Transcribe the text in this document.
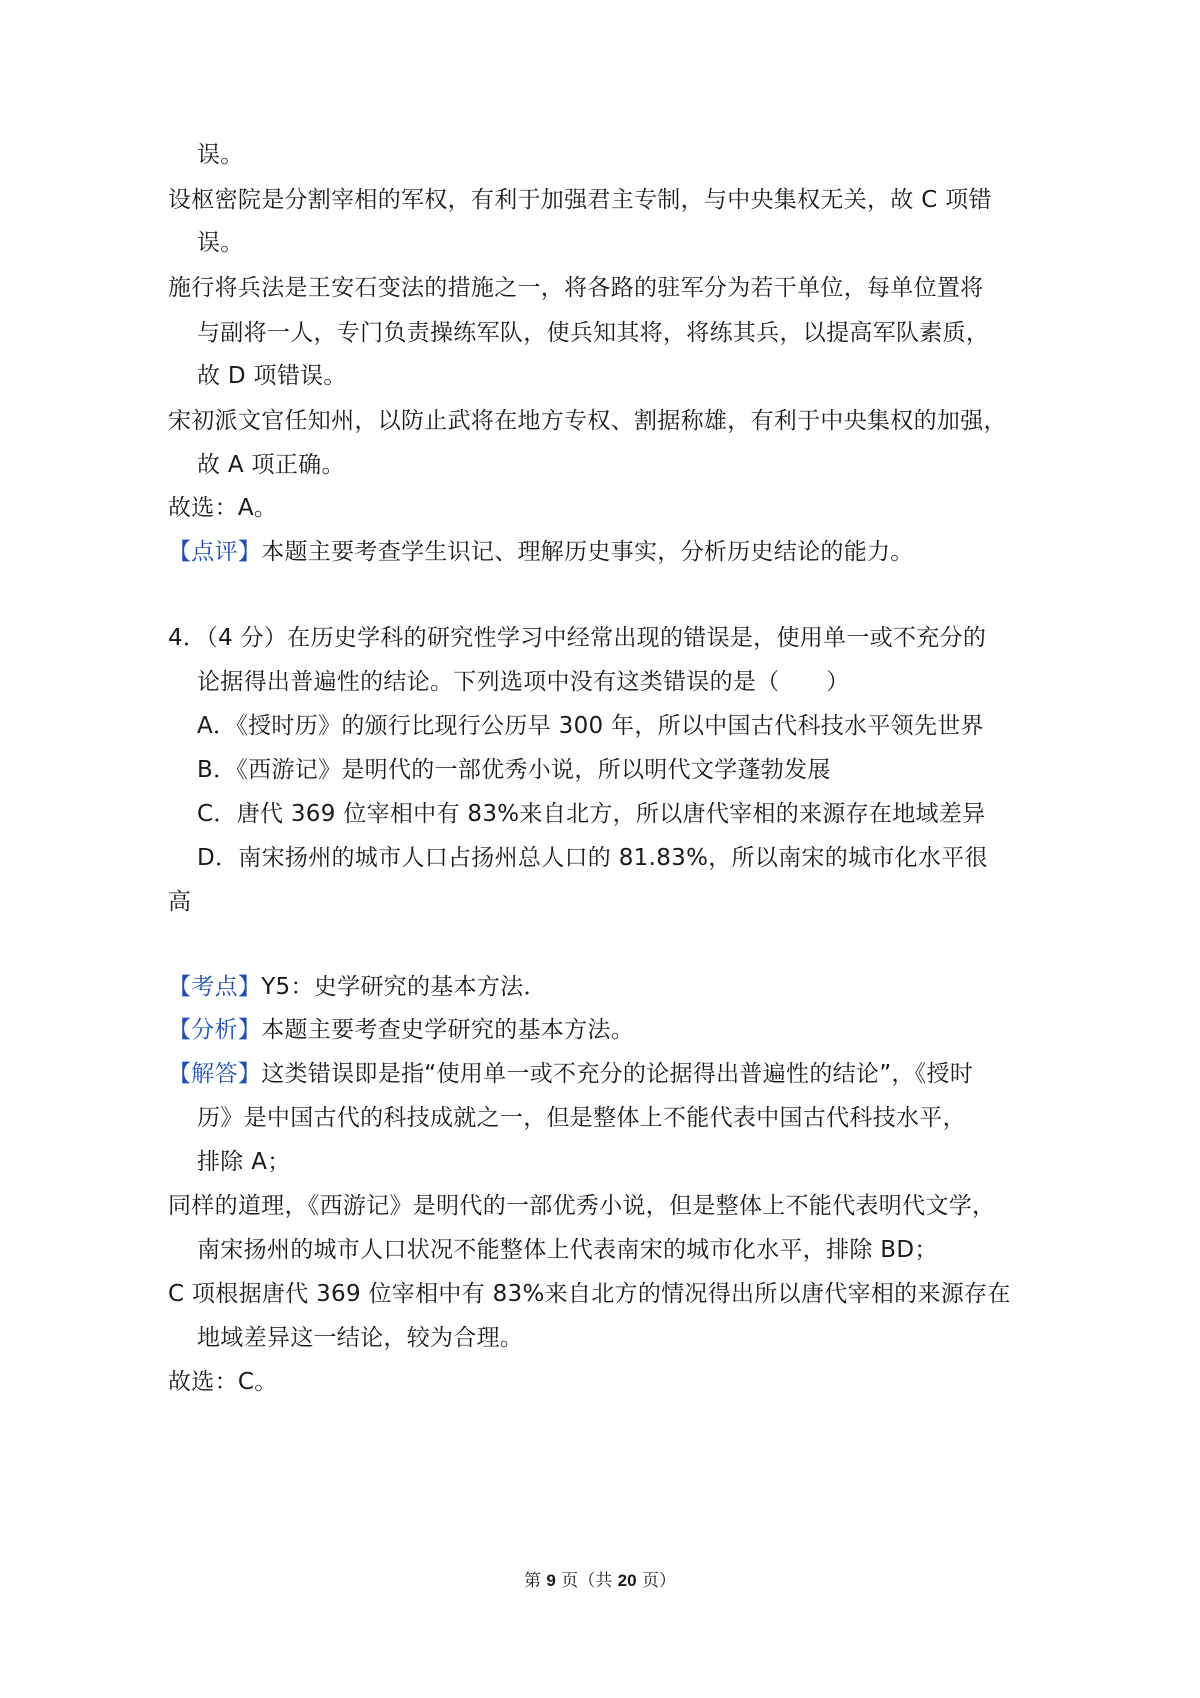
误。
设枢密院是分割宰相的军权，有利于加强君主专制，与中央集权无关，故 C 项错
误。
施行将兵法是王安石变法的措施之一，将各路的驻军分为若干单位，每单位置将
与副将一人，专门负责操练军队，使兵知其将，将练其兵，以提高军队素质，
故 D 项错误。
宋初派文官任知州，以防止武将在地方专权、割据称雄，有利于中央集权的加强，
故 A 项正确。
故选：A。
【点评】本题主要考查学生识记、理解历史事实，分析历史结论的能力。
4．（4 分）在历史学科的研究性学习中经常出现的错误是，使用单一或不充分的
论据得出普遍性的结论。下列选项中没有这类错误的是（　　）
A．《授时历》的颁行比现行公历早 300 年，所以中国古代科技水平领先世界
B．《西游记》是明代的一部优秀小说，所以明代文学蓬勃发展
C．唐代 369 位宰相中有 83%来自北方，所以唐代宰相的来源存在地域差异
D．南宋扬州的城市人口占扬州总人口的 81.83%，所以南宋的城市化水平很
高
【考点】Y5：史学研究的基本方法．
【分析】本题主要考查史学研究的基本方法。
【解答】这类错误即是指“使用单一或不充分的论据得出普遍性的结论”，《授时
历》是中国古代的科技成就之一，但是整体上不能代表中国古代科技水平，
排除 A；
同样的道理，《西游记》是明代的一部优秀小说，但是整体上不能代表明代文学，
南宋扬州的城市人口状况不能整体上代表南宋的城市化水平，排除 BD；
C 项根据唐代 369 位宰相中有 83%来自北方的情况得出所以唐代宰相的来源存在
地域差异这一结论，较为合理。
故选：C。
第 9 页（共 20 页）
